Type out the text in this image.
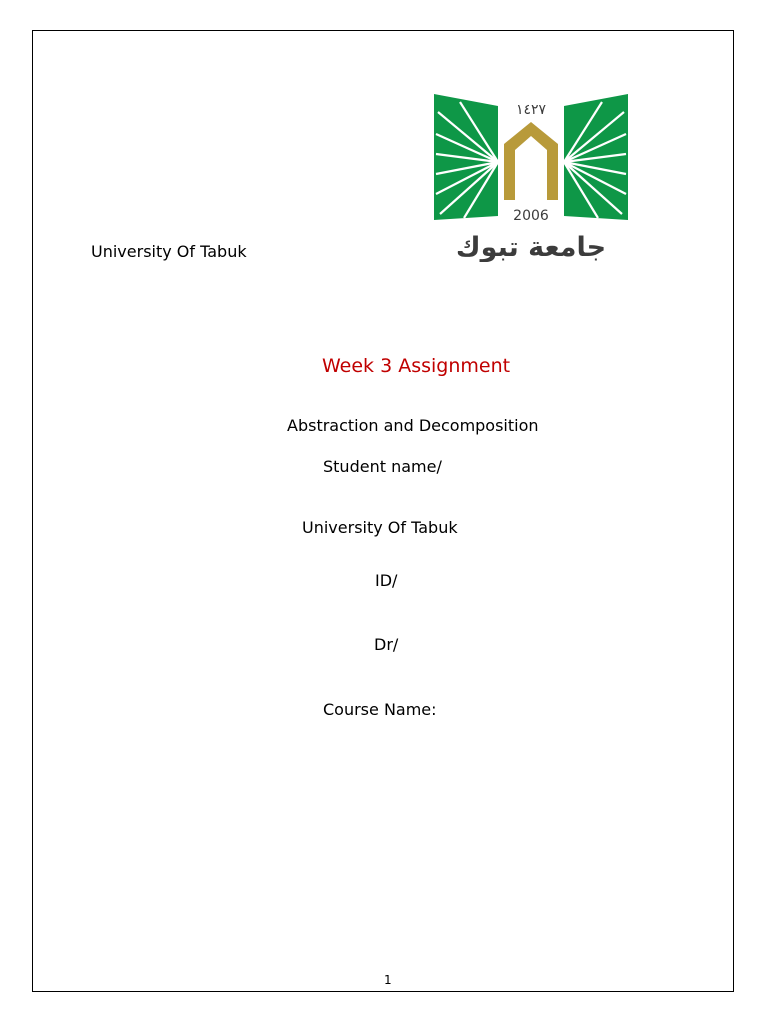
University Of Tabuk
١٤٢٧
2006
جامعة تبوك
Week 3 Assignment
Abstraction and Decomposition
Student name/
University Of Tabuk
ID/
Dr/
Course Name:
1
